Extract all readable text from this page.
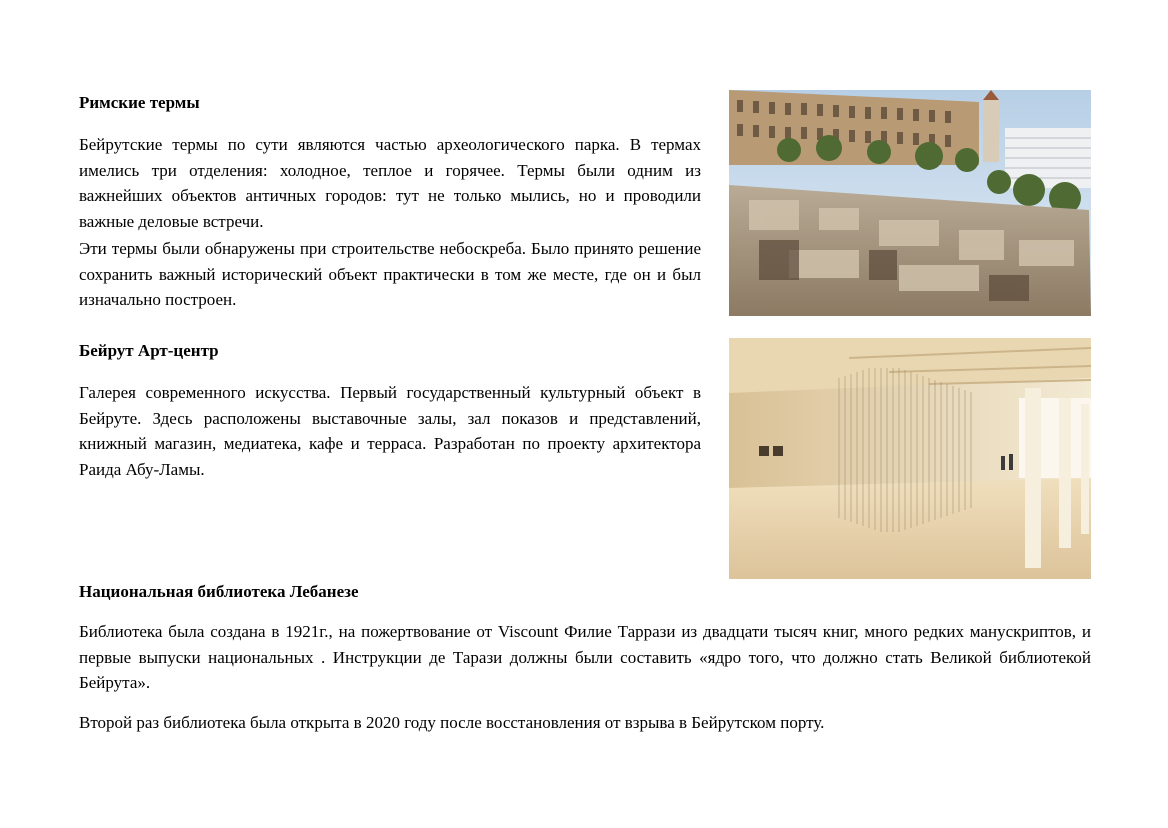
Римские термы

Бейрутские термы по сути являются частью археологического парка. В термах имелись три отделения: холодное, теплое и горячее. Термы были одним из важнейших объектов античных городов: тут не только мылись, но и проводили важные деловые встречи.

Эти термы были обнаружены при строительстве небоскреба. Было принято решение сохранить важный исторический объект практически в том же месте, где он и был изначально построен.

Бейрут Арт-центр

Галерея современного искусства. Первый государственный культурный объект в Бейруте. Здесь расположены выставочные залы, зал показов и представлений, книжный магазин, медиатека, кафе и терраса. Разработан по проекту архитектора Раида Абу-Ламы.

Национальная библиотека Лебанезе

Библиотека была создана в 1921г., на пожертвование от Viscount Филие Таррази из двадцати тысяч книг, много редких манускриптов, и первые выпуски национальных . Инструкции де Тарази должны были составить «ядро того, что должно стать Великой библиотекой Бейрута».

Второй раз библиотека была открыта в 2020 году после восстановления от взрыва в Бейрутском порту.
